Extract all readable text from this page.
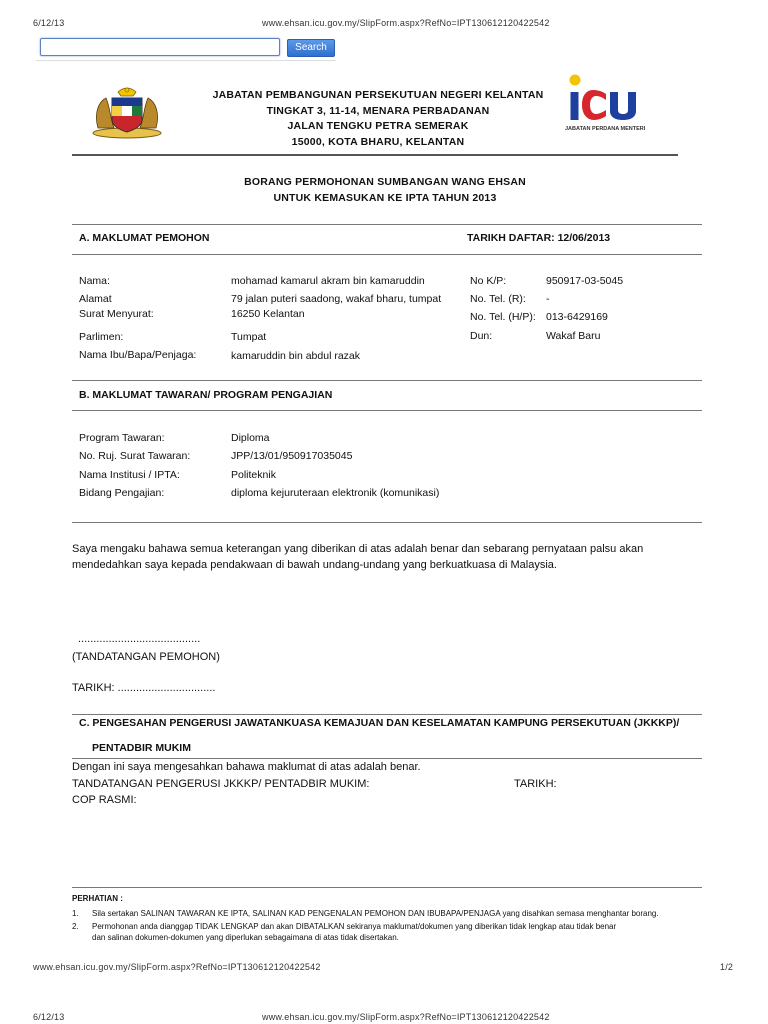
6/12/13	www.ehsan.icu.gov.my/SlipForm.aspx?RefNo=IPT130612120422542
Search
JABATAN PEMBANGUNAN PERSEKUTUAN NEGERI KELANTAN
TINGKAT 3, 11-14, MENARA PERBADANAN
JALAN TENGKU PETRA SEMERAK
15000, KOTA BHARU, KELANTAN
JABATAN PERDANA MENTERI
BORANG PERMOHONAN SUMBANGAN WANG EHSAN
UNTUK KEMASUKAN KE IPTA TAHUN 2013
A. MAKLUMAT PEMOHON	TARIKH DAFTAR: 12/06/2013
Nama:	mohamad kamarul akram bin kamaruddin
Alamat
Surat Menyurat:
79 jalan puteri saadong, wakaf bharu, tumpat
16250 Kelantan
Parlimen:	Tumpat
Nama Ibu/Bapa/Penjaga:	kamaruddin bin abdul razak
No K/P:	950917-03-5045
No. Tel. (R): -
No. Tel. (H/P): 013-6429169
Dun:	Wakaf Baru
B. MAKLUMAT TAWARAN/ PROGRAM PENGAJIAN
Program Tawaran:	Diploma
No. Ruj. Surat Tawaran:	JPP/13/01/950917035045
Nama Institusi / IPTA:	Politeknik
Bidang Pengajian:	diploma kejuruteraan elektronik (komunikasi)
Saya mengaku bahawa semua keterangan yang diberikan di atas adalah benar dan sebarang pernyataan palsu akan
mendedahkan saya kepada pendakwaan di bawah undang-undang yang berkuatkuasa di Malaysia.
........................................
(TANDATANGAN PEMOHON)
TARIKH: ................................
C. PENGESAHAN PENGERUSI JAWATANKUASA KEMAJUAN DAN KESELAMATAN KAMPUNG PERSEKUTUAN (JKKKP)/
PENTADBIR MUKIM
Dengan ini saya mengesahkan bahawa maklumat di atas adalah benar.
TANDATANGAN PENGERUSI JKKKP/ PENTADBIR MUKIM:	TARIKH:
COP RASMI:
PERHATIAN :
1. Sila sertakan SALINAN TAWARAN KE IPTA, SALINAN KAD PENGENALAN PEMOHON DAN IBUBAPA/PENJAGA yang disahkan semasa menghantar borang.
2. Permohonan anda dianggap TIDAK LENGKAP dan akan DIBATALKAN sekiranya maklumat/dokumen yang diberikan tidak lengkap atau tidak benar
dan salinan dokumen-dokumen yang diperlukan sebagaimana di atas tidak disertakan.
www.ehsan.icu.gov.my/SlipForm.aspx?RefNo=IPT130612120422542	1/2
6/12/13	www.ehsan.icu.gov.my/SlipForm.aspx?RefNo=IPT130612120422542
